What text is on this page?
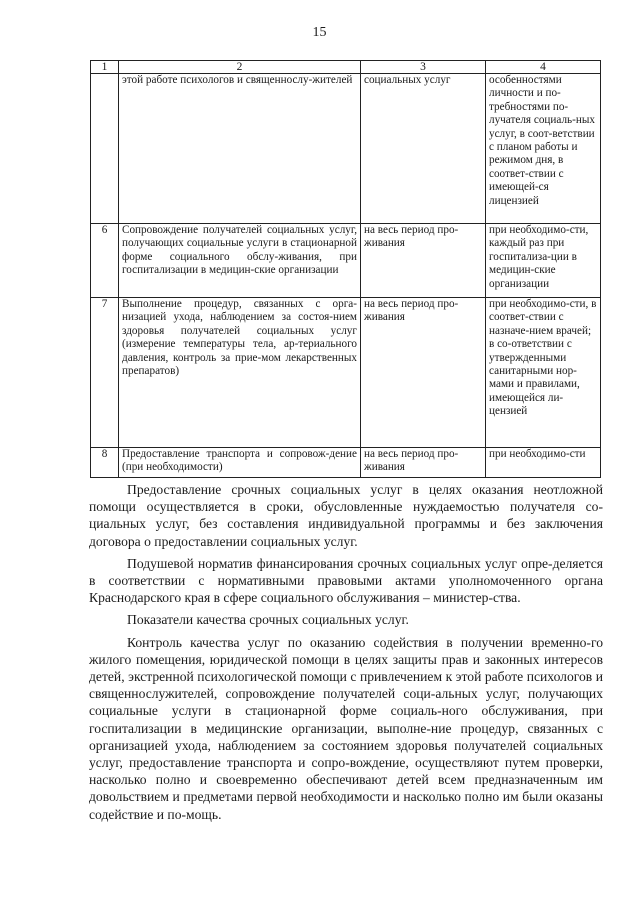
15
1	2	3	4
	этой работе психологов и священнослу-жителей	социальных услуг	особенностями личности и по-требностями по-лучателя социаль-ных услуг, в соот-ветствии с планом работы и режимом дня, в соответ-ствии с имеющей-ся лицензией
6	Сопровождение получателей социальных услуг, получающих социальные услуги в стационарной форме социального обслу-живания, при госпитализации в медицин-ские организации	на весь период про-живания	при необходимо-сти, каждый раз при госпитализа-ции в медицин-ские организации
7	Выполнение процедур, связанных с орга-низацией ухода, наблюдением за состоя-нием здоровья получателей социальных услуг (измерение температуры тела, ар-териального давления, контроль за прие-мом лекарственных препаратов)	на весь период про-живания	при необходимо-сти, в соответ-ствии с назначе-нием врачей; в со-ответствии с утвержденными санитарными нор-мами и правилами, имеющейся ли-цензией
8	Предоставление транспорта и сопровож-дение (при необходимости)	на весь период про-живания	при необходимо-сти

Предоставление срочных социальных услуг в целях оказания неотложной помощи осуществляется в сроки, обусловленные нуждаемостью получателя со-циальных услуг, без составления индивидуальной программы и без заключения договора о предоставлении социальных услуг.

Подушевой норматив финансирования срочных социальных услуг опре-деляется в соответствии с нормативными правовыми актами уполномоченного органа Краснодарского края в сфере социального обслуживания – министер-ства.

Показатели качества срочных социальных услуг.

Контроль качества услуг по оказанию содействия в получении временно-го жилого помещения, юридической помощи в целях защиты прав и законных интересов детей, экстренной психологической помощи с привлечением к этой работе психологов и священнослужителей, сопровождение получателей соци-альных услуг, получающих социальные услуги в стационарной форме социаль-ного обслуживания, при госпитализации в медицинские организации, выполне-ние процедур, связанных с организацией ухода, наблюдением за состоянием здоровья получателей социальных услуг, предоставление транспорта и сопро-вождение, осуществляют путем проверки, насколько полно и своевременно обеспечивают детей всем предназначенным им довольствием и предметами первой необходимости и насколько полно им были оказаны содействие и по-мощь.
